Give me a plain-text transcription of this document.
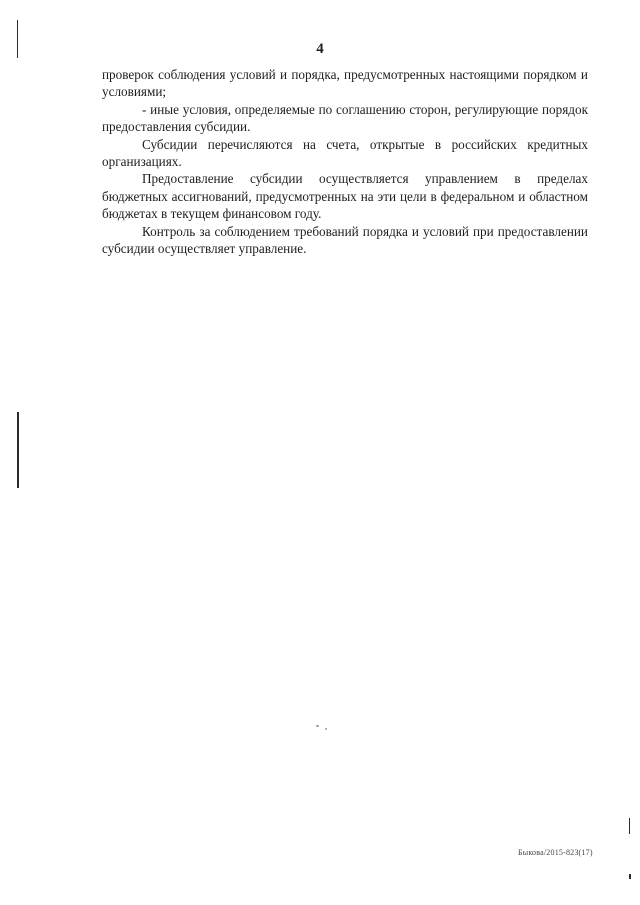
4

проверок соблюдения условий и порядка, предусмотренных настоящими порядком и условиями;

- иные условия, определяемые по соглашению сторон, регулирующие порядок предоставления субсидии.

Субсидии перечисляются на счета, открытые в российских кредитных организациях.

Предоставление субсидии осуществляется управлением в пределах бюджетных ассигнований, предусмотренных на эти цели в федеральном и областном бюджетах в текущем финансовом году.

Контроль за соблюдением требований порядка и условий при предоставлении субсидии осуществляет управление.

Быкова/2015-823(17)
